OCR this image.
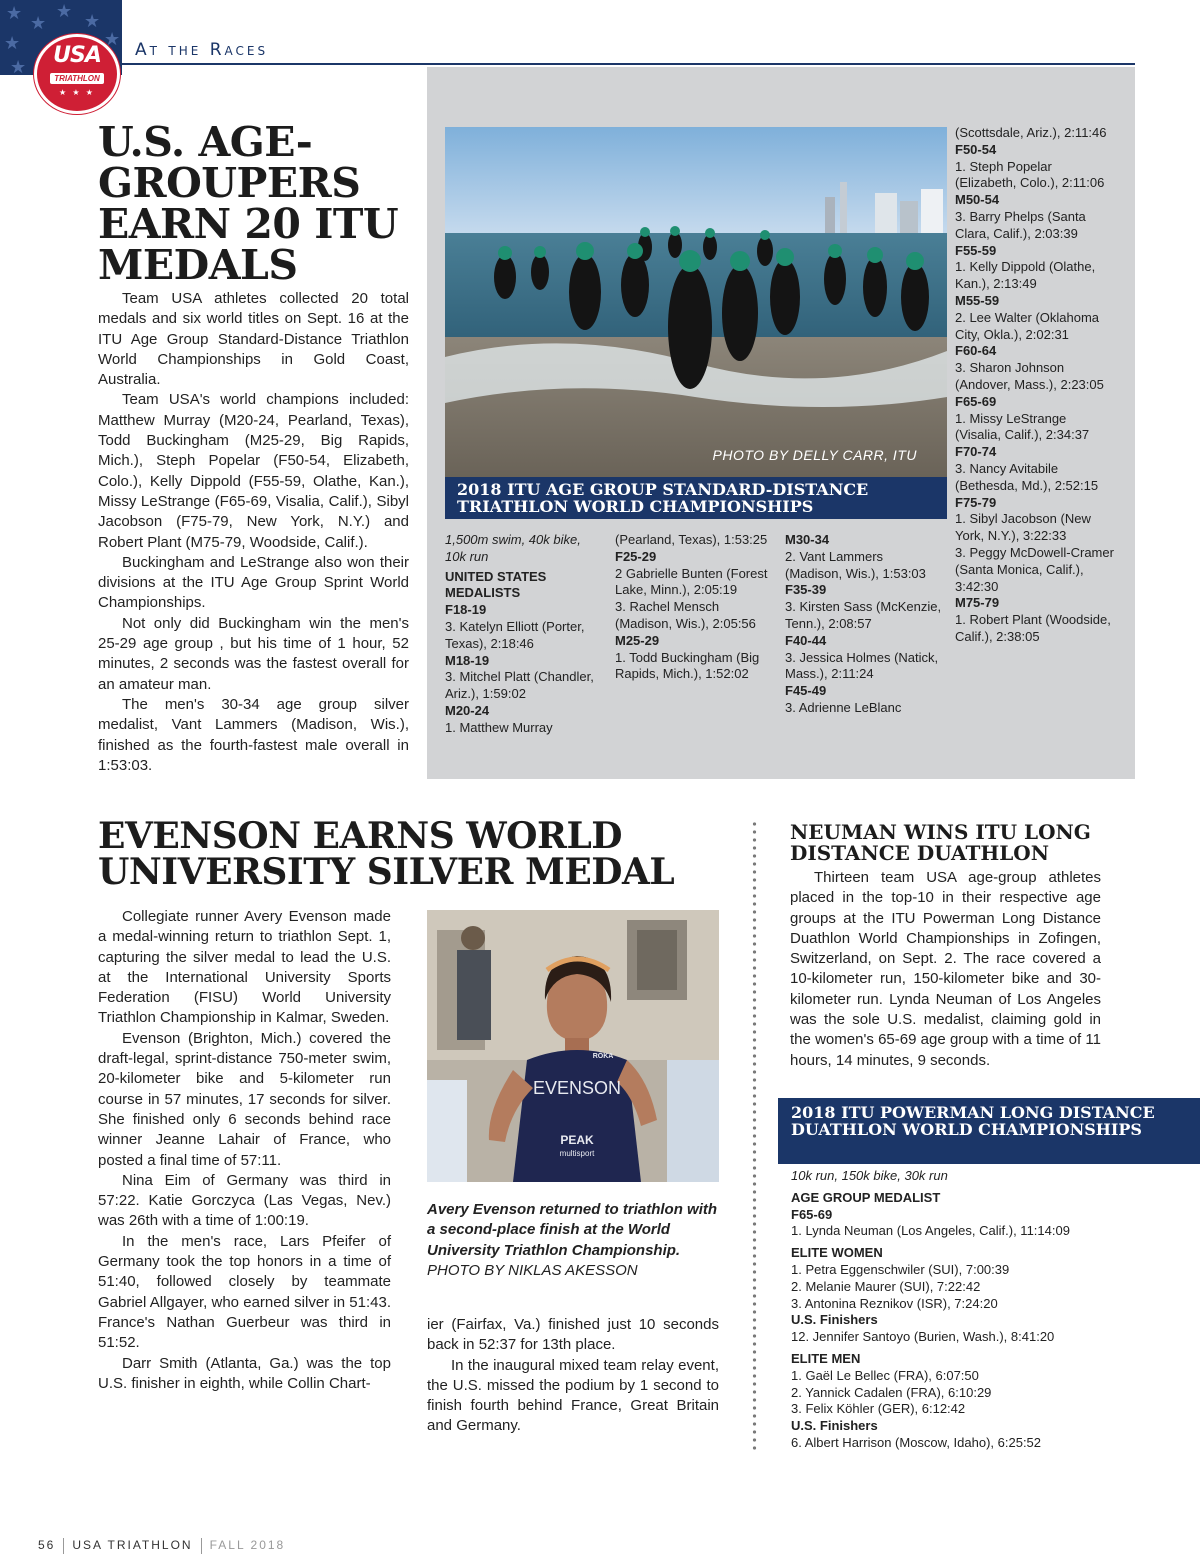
★ ★
★ ★
★
★
★	USA
TRIATHLON
★ ★ ★
At the Races
U.S. AGE-GROUPERS EARN 20 ITU MEDALS

Team USA athletes collected 20 total medals and six world titles on Sept. 16 at the ITU Age Group Standard-Distance Triathlon World Championships in Gold Coast, Australia.

Team USA's world champions included: Matthew Murray (M20-24, Pearland, Texas), Todd Buckingham (M25-29, Big Rapids, Mich.), Steph Popelar (F50-54, Elizabeth, Colo.), Kelly Dippold (F55-59, Olathe, Kan.), Missy LeStrange (F65-69, Visalia, Calif.), Sibyl Jacobson (F75-79, New York, N.Y.) and Robert Plant (M75-79, Woodside, Calif.).

Buckingham and LeStrange also won their divisions at the ITU Age Group Sprint World Championships.

Not only did Buckingham win the men's 25-29 age group , but his time of 1 hour, 52 minutes, 2 seconds was the fastest overall for an amateur man.

The men's 30-34 age group silver medalist, Vant Lammers (Madison, Wis.), finished as the fourth-fastest male overall in 1:53:03.

PHOTO BY DELLY CARR, ITU
2018 ITU AGE GROUP STANDARD-DISTANCE TRIATHLON WORLD CHAMPIONSHIPS
1,500m swim, 40k bike, 10k run
UNITED STATES MEDALISTS
F18-19
3. Katelyn Elliott (Porter, Texas), 2:18:46
M18-19
3. Mitchel Platt (Chandler, Ariz.), 1:59:02
M20-24
1. Matthew Murray
(Pearland, Texas), 1:53:25
F25-29
2 Gabrielle Bunten (Forest Lake, Minn.), 2:05:19
3. Rachel Mensch (Madison, Wis.), 2:05:56
M25-29
1. Todd Buckingham (Big Rapids, Mich.), 1:52:02
M30-34
2. Vant Lammers (Madison, Wis.), 1:53:03
F35-39
3. Kirsten Sass (McKenzie, Tenn.), 2:08:57
F40-44
3. Jessica Holmes (Natick, Mass.), 2:11:24
F45-49
3. Adrienne LeBlanc
(Scottsdale, Ariz.), 2:11:46
F50-54
1. Steph Popelar (Elizabeth, Colo.), 2:11:06
M50-54
3. Barry Phelps (Santa Clara, Calif.), 2:03:39
F55-59
1. Kelly Dippold (Olathe, Kan.), 2:13:49
M55-59
2. Lee Walter (Oklahoma City, Okla.), 2:02:31
F60-64
3. Sharon Johnson (Andover, Mass.), 2:23:05
F65-69
1. Missy LeStrange (Visalia, Calif.), 2:34:37
F70-74
3. Nancy Avitabile (Bethesda, Md.), 2:52:15
F75-79
1. Sibyl Jacobson (New York, N.Y.), 3:22:33
3. Peggy McDowell-Cramer (Santa Monica, Calif.), 3:42:30
M75-79
1. Robert Plant (Woodside, Calif.), 2:38:05
EVENSON EARNS WORLD UNIVERSITY SILVER MEDAL

Collegiate runner Avery Evenson made a medal-winning return to triathlon Sept. 1, capturing the silver medal to lead the U.S. at the International University Sports Federation (FISU) World University Triathlon Championship in Kalmar, Sweden.

Evenson (Brighton, Mich.) covered the draft-legal, sprint-distance 750-meter swim, 20-kilometer bike and 5-kilometer run course in 57 minutes, 17 seconds for silver. She finished only 6 seconds behind race winner Jeanne Lahair of France, who posted a final time of 57:11.

Nina Eim of Germany was third in 57:22. Katie Gorczyca (Las Vegas, Nev.) was 26th with a time of 1:00:19.

In the men's race, Lars Pfeifer of Germany took the top honors in a time of 51:40, followed closely by teammate Gabriel Allgayer, who earned silver in 51:43. France's Nathan Guerbeur was third in 51:52.

Darr Smith (Atlanta, Ga.) was the top U.S. finisher in eighth, while Collin Chart-

EVENSON
PEAK
multisport
RŌKA
Avery Evenson returned to triathlon with a second-place finish at the World University Triathlon Championship. PHOTO BY NIKLAS AKESSON

ier (Fairfax, Va.) finished just 10 seconds back in 52:37 for 13th place.

In the inaugural mixed team relay event, the U.S. missed the podium by 1 second to finish fourth behind France, Great Britain and Germany.

NEUMAN WINS ITU LONG DISTANCE DUATHLON

Thirteen team USA age-group athletes placed in the top-10 in their respective age groups at the ITU Powerman Long Distance Duathlon World Championships in Zofingen, Switzerland, on Sept. 2. The race covered a 10-kilometer run, 150-kilometer bike and 30-kilometer run. Lynda Neuman of Los Angeles was the sole U.S. medalist, claiming gold in the women's 65-69 age group with a time of 11 hours, 14 minutes, 9 seconds.

2018 ITU POWERMAN LONG DISTANCE DUATHLON WORLD CHAMPIONSHIPS
10k run, 150k bike, 30k run
AGE GROUP MEDALIST
F65-69
1. Lynda Neuman (Los Angeles, Calif.), 11:14:09
ELITE WOMEN
1. Petra Eggenschwiler (SUI), 7:00:39
2. Melanie Maurer (SUI), 7:22:42
3. Antonina Reznikov (ISR), 7:24:20
U.S. Finishers
12. Jennifer Santoyo (Burien, Wash.), 8:41:20
ELITE MEN
1. Gaël Le Bellec (FRA), 6:07:50
2. Yannick Cadalen (FRA), 6:10:29
3. Felix Köhler (GER), 6:12:42
U.S. Finishers
6. Albert Harrison (Moscow, Idaho), 6:25:52
56 USA TRIATHLON FALL 2018
